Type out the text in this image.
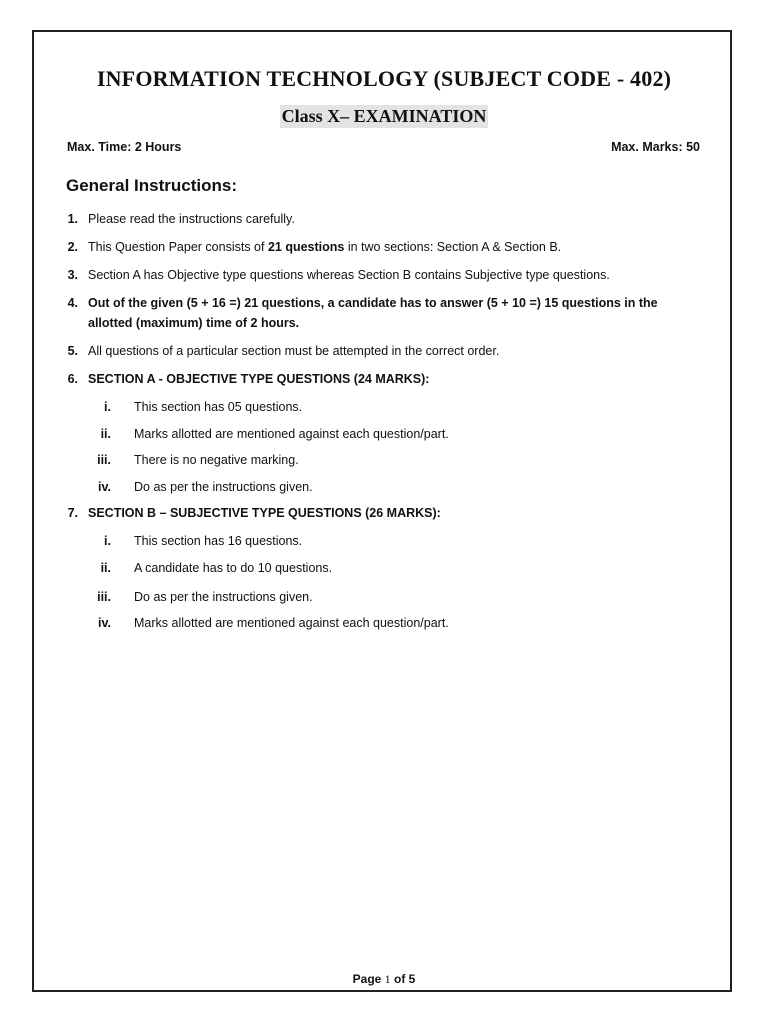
INFORMATION TECHNOLOGY (SUBJECT CODE - 402)
Class X– EXAMINATION
Max. Time: 2 Hours	Max. Marks: 50
General Instructions:
1. Please read the instructions carefully.
2. This Question Paper consists of 21 questions in two sections: Section A & Section B.
3. Section A has Objective type questions whereas Section B contains Subjective type questions.
4. Out of the given (5 + 16 =) 21 questions, a candidate has to answer (5 + 10 =) 15 questions in the allotted (maximum) time of 2 hours.
5. All questions of a particular section must be attempted in the correct order.
6. SECTION A - OBJECTIVE TYPE QUESTIONS (24 MARKS):
i. This section has 05 questions.
ii. Marks allotted are mentioned against each question/part.
iii. There is no negative marking.
iv. Do as per the instructions given.
7. SECTION B – SUBJECTIVE TYPE QUESTIONS (26 MARKS):
i. This section has 16 questions.
ii. A candidate has to do 10 questions.
iii. Do as per the instructions given.
iv. Marks allotted are mentioned against each question/part.
Page 1 of 5
